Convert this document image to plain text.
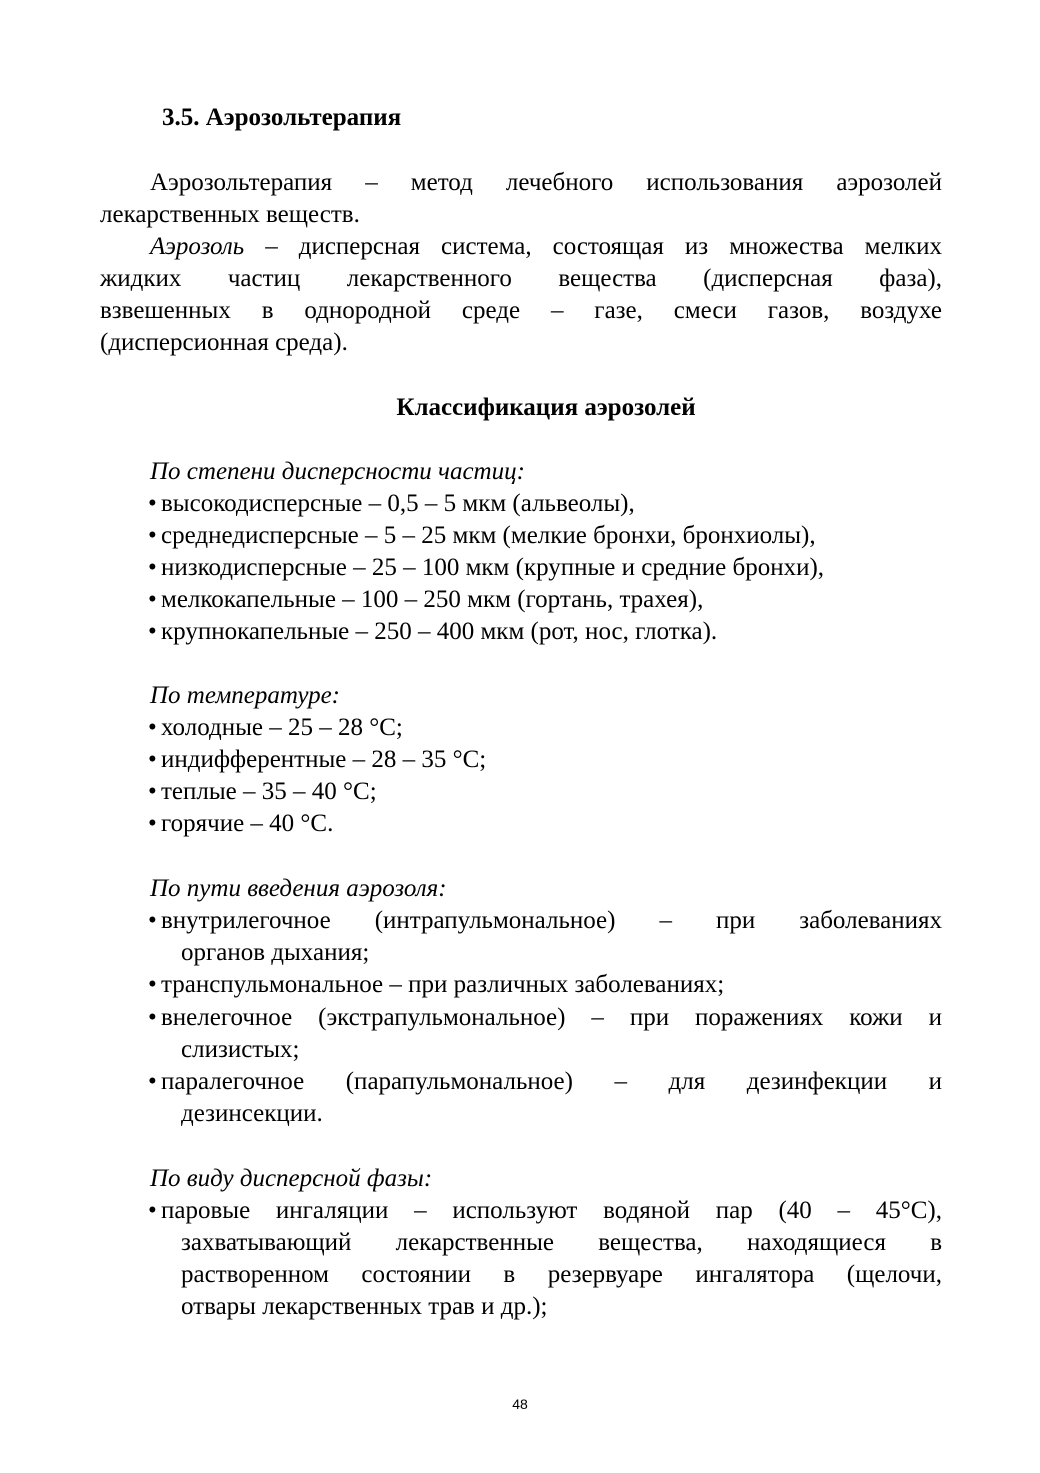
3.5. Аэрозольтерапия
Аэрозольтерапия – метод лечебного использования аэрозолей
лекарственных веществ.
Аэрозоль – дисперсная система, состоящая из множества мелких
жидких частиц лекарственного вещества (дисперсная фаза),
взвешенных в однородной среде – газе, смеси газов, воздухе
(дисперсионная среда).
Классификация аэрозолей
По степени дисперсности частиц:
• высокодисперсные – 0,5 – 5 мкм (альвеолы),
• среднедисперсные – 5 – 25 мкм (мелкие бронхи, бронхиолы),
• низкодисперсные – 25 – 100 мкм (крупные и средние бронхи),
• мелкокапельные – 100 – 250 мкм (гортань, трахея),
• крупнокапельные – 250 – 400 мкм (рот, нос, глотка).
По температуре:
• холодные – 25 – 28 °С;
• индифферентные – 28 – 35 °С;
• теплые – 35 – 40 °С;
• горячие – 40 °С.
По пути введения аэрозоля:
• внутрилегочное (интрапульмональное) – при заболеваниях
органов дыхания;
• транспульмональное – при различных заболеваниях;
• внелегочное (экстрапульмональное) – при поражениях кожи и
слизистых;
• паралегочное (парапульмональное) – для дезинфекции и
дезинсекции.
По виду дисперсной фазы:
• паровые ингаляции – используют водяной пар (40 – 45°С),
захватывающий лекарственные вещества, находящиеся в
растворенном состоянии в резервуаре ингалятора (щелочи,
отвары лекарственных трав и др.);
48
